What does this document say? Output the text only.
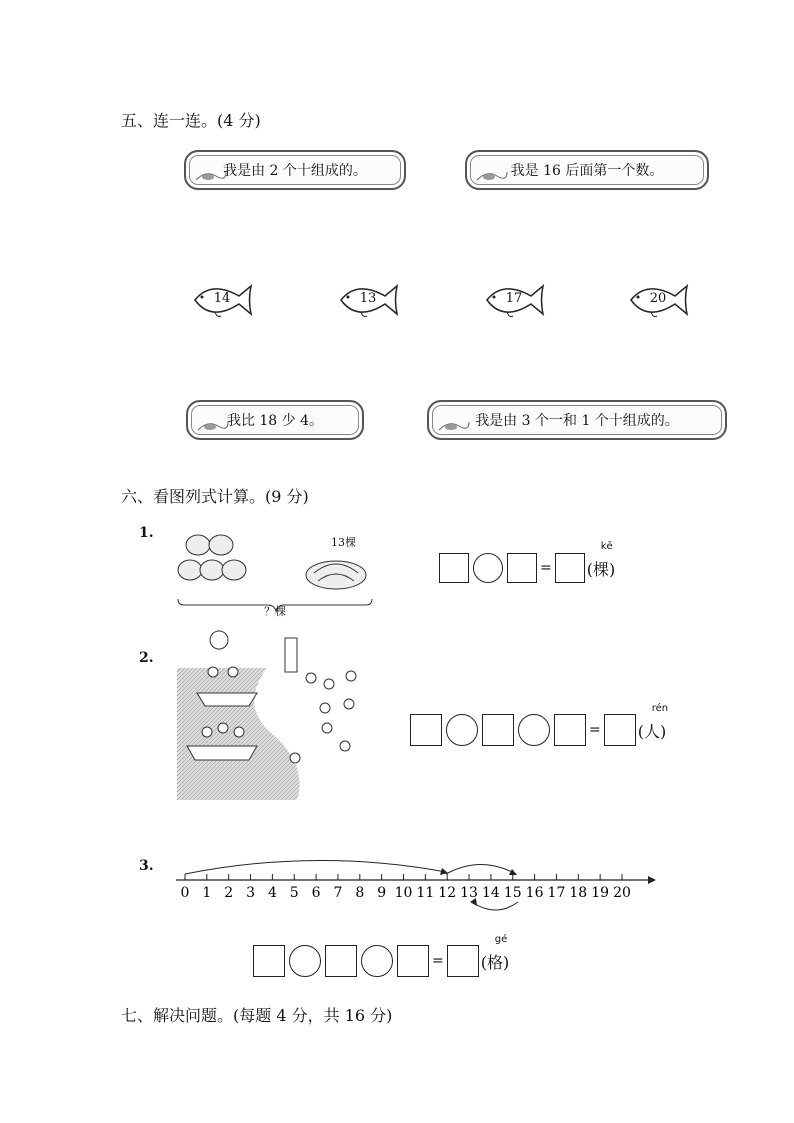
五、连一连。(4 分)
我是由 2 个十组成的。	我是 16 后面第一个数。
14	13	17	20
我比 18 少 4。	我是由 3 个一和 1 个十组成的。
六、看图列式计算。(9 分)
1.
13棵
？棵
=
kē
(棵)
2.
=
rén
(人)
3.
0 1 2 3 4 5 6 7 8 9 10 11 12 13 14 15 16 17 18 19 20
=
gé
(格)
七、解决问题。(每题 4 分，共 16 分)
